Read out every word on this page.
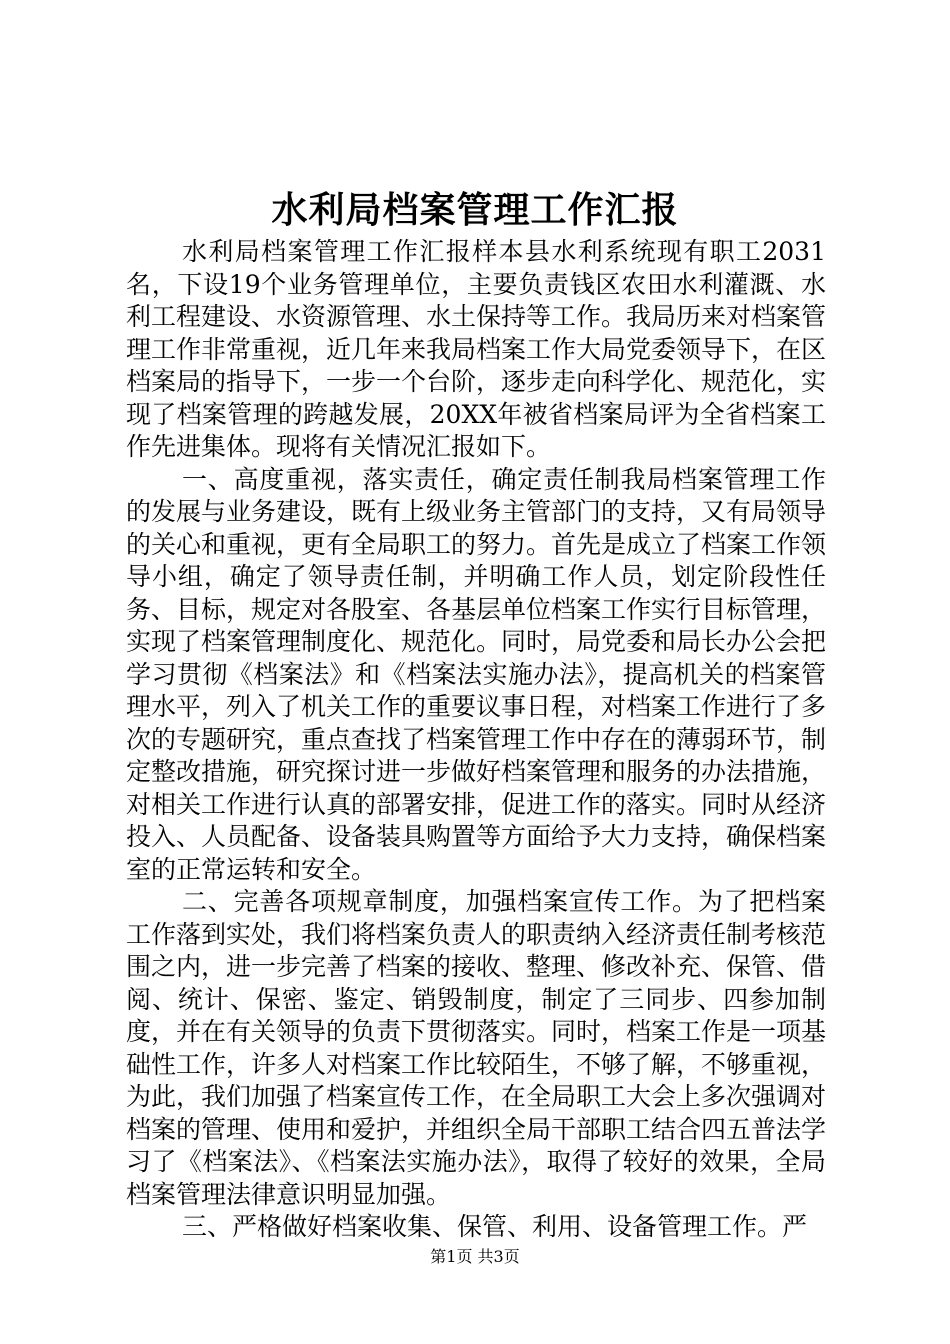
水利局档案管理工作汇报

水利局档案管理工作汇报样本县水利系统现有职工2031名，下设19个业务管理单位，主要负责钱区农田水利灌溉、水利工程建设、水资源管理、水土保持等工作。我局历来对档案管理工作非常重视，近几年来我局档案工作大局党委领导下，在区档案局的指导下，一步一个台阶，逐步走向科学化、规范化，实现了档案管理的跨越发展，20XX年被省档案局评为全省档案工作先进集体。现将有关情况汇报如下。

一、高度重视，落实责任，确定责任制我局档案管理工作的发展与业务建设，既有上级业务主管部门的支持，又有局领导的关心和重视，更有全局职工的努力。首先是成立了档案工作领导小组，确定了领导责任制，并明确工作人员，划定阶段性任务、目标，规定对各股室、各基层单位档案工作实行目标管理，实现了档案管理制度化、规范化。同时，局党委和局长办公会把学习贯彻《档案法》和《档案法实施办法》，提高机关的档案管理水平，列入了机关工作的重要议事日程，对档案工作进行了多次的专题研究，重点查找了档案管理工作中存在的薄弱环节，制定整改措施，研究探讨进一步做好档案管理和服务的办法措施，对相关工作进行认真的部署安排，促进工作的落实。同时从经济投入、人员配备、设备装具购置等方面给予大力支持，确保档案室的正常运转和安全。

二、完善各项规章制度，加强档案宣传工作。为了把档案工作落到实处，我们将档案负责人的职责纳入经济责任制考核范围之内，进一步完善了档案的接收、整理、修改补充、保管、借阅、统计、保密、鉴定、销毁制度，制定了三同步、四参加制度，并在有关领导的负责下贯彻落实。同时，档案工作是一项基础性工作，许多人对档案工作比较陌生，不够了解，不够重视，为此，我们加强了档案宣传工作，在全局职工大会上多次强调对档案的管理、使用和爱护，并组织全局干部职工结合四五普法学习了《档案法》、《档案法实施办法》，取得了较好的效果，全局档案管理法律意识明显加强。

三、严格做好档案收集、保管、利用、设备管理工作。严

第1页 共3页
